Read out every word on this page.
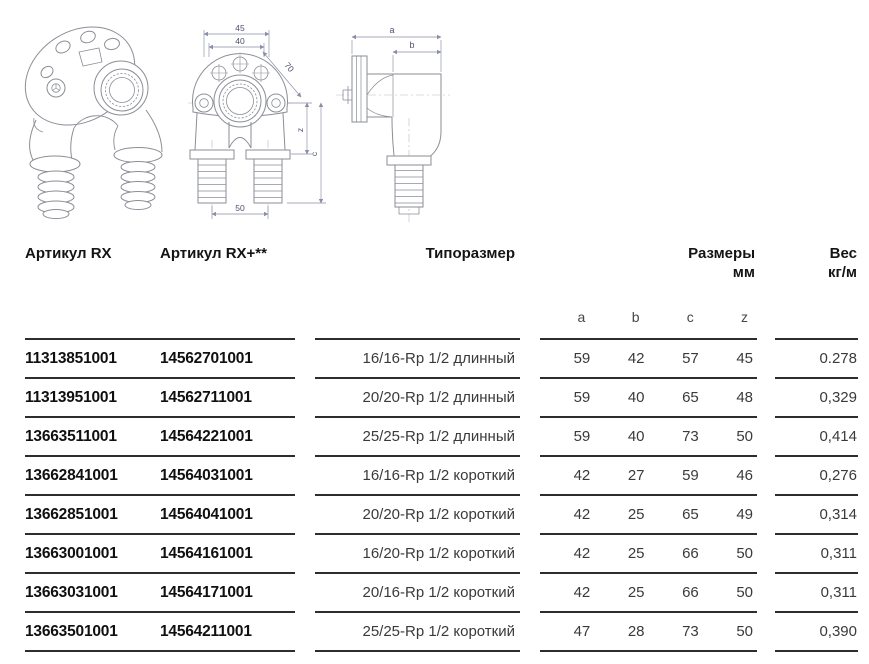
45
40
70
z
c
50
a
b
Артикул RX	Артикул RX+**	Типоразмер	Размеры
мм
Вес
кг/м
a	b	c	z
11313851001	14562701001	16/16-Rp 1/2 длинный	59	42	57	45	0.278
11313951001	14562711001	20/20-Rp 1/2 длинный	59	40	65	48	0,329
13663511001	14564221001	25/25-Rp 1/2 длинный	59	40	73	50	0,414
13662841001	14564031001	16/16-Rp 1/2 короткий	42	27	59	46	0,276
13662851001	14564041001	20/20-Rp 1/2 короткий	42	25	65	49	0,314
13663001001	14564161001	16/20-Rp 1/2 короткий	42	25	66	50	0,311
13663031001	14564171001	20/16-Rp 1/2 короткий	42	25	66	50	0,311
13663501001	14564211001	25/25-Rp 1/2 короткий	47	28	73	50	0,390
